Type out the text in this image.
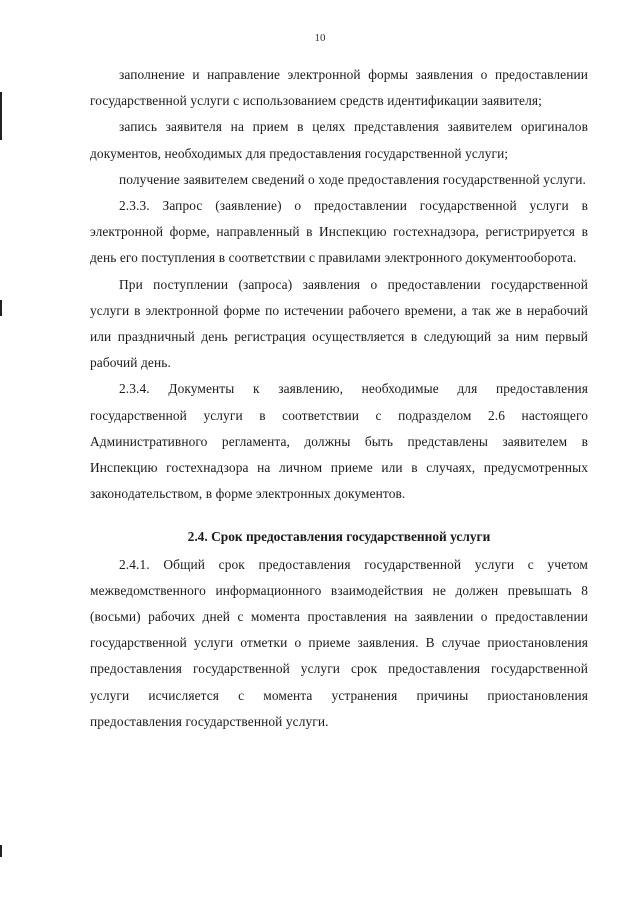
10

заполнение и направление электронной формы заявления о предоставлении государственной услуги с использованием средств идентификации заявителя;

запись заявителя на прием в целях представления заявителем оригиналов документов, необходимых для предоставления государственной услуги;

получение заявителем сведений о ходе предоставления государственной услуги.

2.3.3. Запрос (заявление) о предоставлении государственной услуги в электронной форме, направленный в Инспекцию гостехнадзора, регистрируется в день его поступления в соответствии с правилами электронного документооборота.

При поступлении (запроса) заявления о предоставлении государственной услуги в электронной форме по истечении рабочего времени, а так же в нерабочий или праздничный день регистрация осуществляется в следующий за ним первый рабочий день.

2.3.4. Документы к заявлению, необходимые для предоставления государственной услуги в соответствии с подразделом 2.6 настоящего Административного регламента, должны быть представлены заявителем в Инспекцию гостехнадзора на личном приеме или в случаях, предусмотренных законодательством, в форме электронных документов.

2.4. Срок предоставления государственной услуги

2.4.1. Общий срок предоставления государственной услуги с учетом межведомственного информационного взаимодействия не должен превышать 8 (восьми) рабочих дней с момента проставления на заявлении о предоставлении государственной услуги отметки о приеме заявления. В случае приостановления предоставления государственной услуги срок предоставления государственной услуги исчисляется с момента устранения причины приостановления предоставления государственной услуги.
